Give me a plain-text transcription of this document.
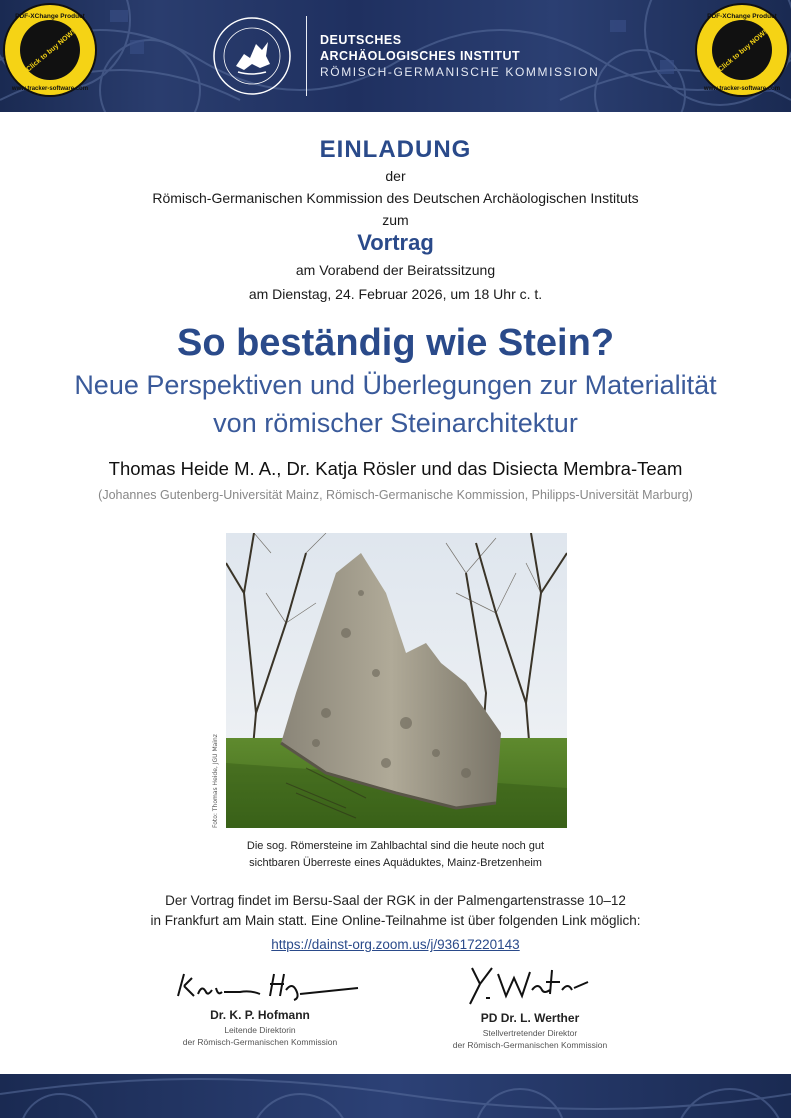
DEUTSCHES
ARCHÄOLOGISCHES INSTITUT
RÖMISCH-GERMANISCHE KOMMISSION
PDF-XChange Product
Click to buy NOW!
www.tracker-software.com
PDF-XChange Product
Click to buy NOW!
www.tracker-software.com
EINLADUNG
der
Römisch-Germanischen Kommission des Deutschen Archäologischen Instituts
zum
Vortrag
am Vorabend der Beiratssitzung
am Dienstag, 24. Februar 2026, um 18 Uhr c. t.
So beständig wie Stein?
Neue Perspektiven und Überlegungen zur Materialität
von römischer Steinarchitektur
Thomas Heide M. A., Dr. Katja Rösler und das Disiecta Membra-Team
(Johannes Gutenberg-Universität Mainz, Römisch-Germanische Kommission, Philipps-Universität Marburg)
Foto: Thomas Heide, JGU Mainz
Die sog. Römersteine im Zahlbachtal sind die heute noch gut
sichtbaren Überreste eines Aquäduktes, Mainz-Bretzenheim
Der Vortrag findet im Bersu-Saal der RGK in der Palmengartenstrasse 10–12
in Frankfurt am Main statt. Eine Online-Teilnahme ist über folgenden Link möglich:
https://dainst-org.zoom.us/j/93617220143
Dr. K. P. Hofmann
Leitende Direktorin
der Römisch-Germanischen Kommission
PD Dr. L. Werther
Stellvertretender Direktor
der Römisch-Germanischen Kommission
